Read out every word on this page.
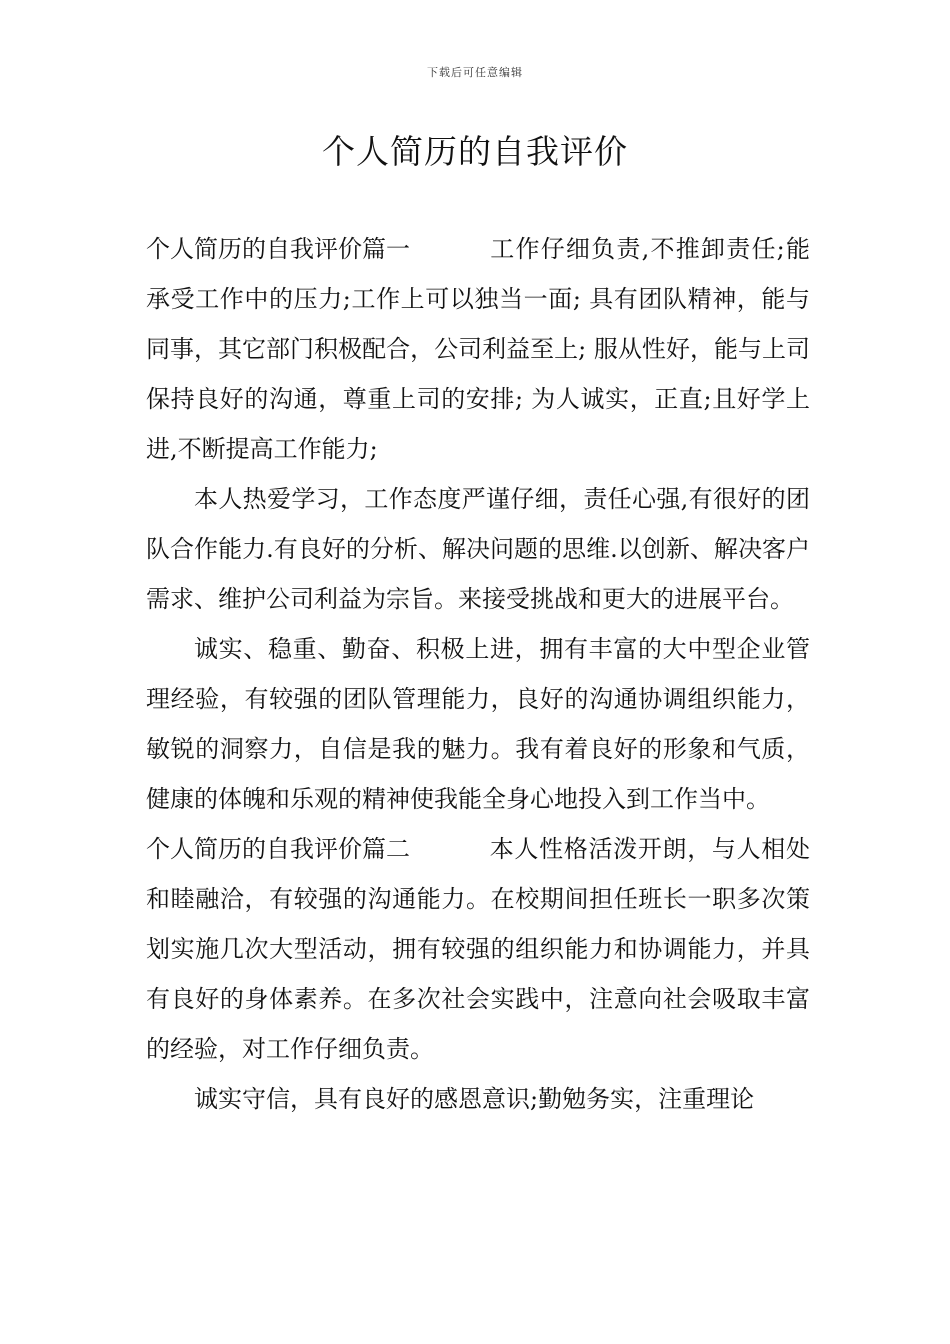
下载后可任意编辑
个人简历的自我评价

个人简历的自我评价篇一	工作仔细负责,不推卸责任;能承受工作中的压力;工作上可以独当一面; 具有团队精神，能与同事，其它部门积极配合，公司利益至上; 服从性好，能与上司保持良好的沟通，尊重上司的安排; 为人诚实，正直;且好学上进,不断提高工作能力;

本人热爱学习，工作态度严谨仔细，责任心强,有很好的团队合作能力.有良好的分析、解决问题的思维.以创新、解决客户需求、维护公司利益为宗旨。来接受挑战和更大的进展平台。

诚实、稳重、勤奋、积极上进，拥有丰富的大中型企业管理经验，有较强的团队管理能力，良好的沟通协调组织能力，敏锐的洞察力，自信是我的魅力。我有着良好的形象和气质，健康的体魄和乐观的精神使我能全身心地投入到工作当中。

个人简历的自我评价篇二	本人性格活泼开朗，与人相处和睦融洽，有较强的沟通能力。在校期间担任班长一职多次策划实施几次大型活动，拥有较强的组织能力和协调能力，并具有良好的身体素养。在多次社会实践中，注意向社会吸取丰富的经验，对工作仔细负责。

诚实守信，具有良好的感恩意识;勤勉务实，注重理论
